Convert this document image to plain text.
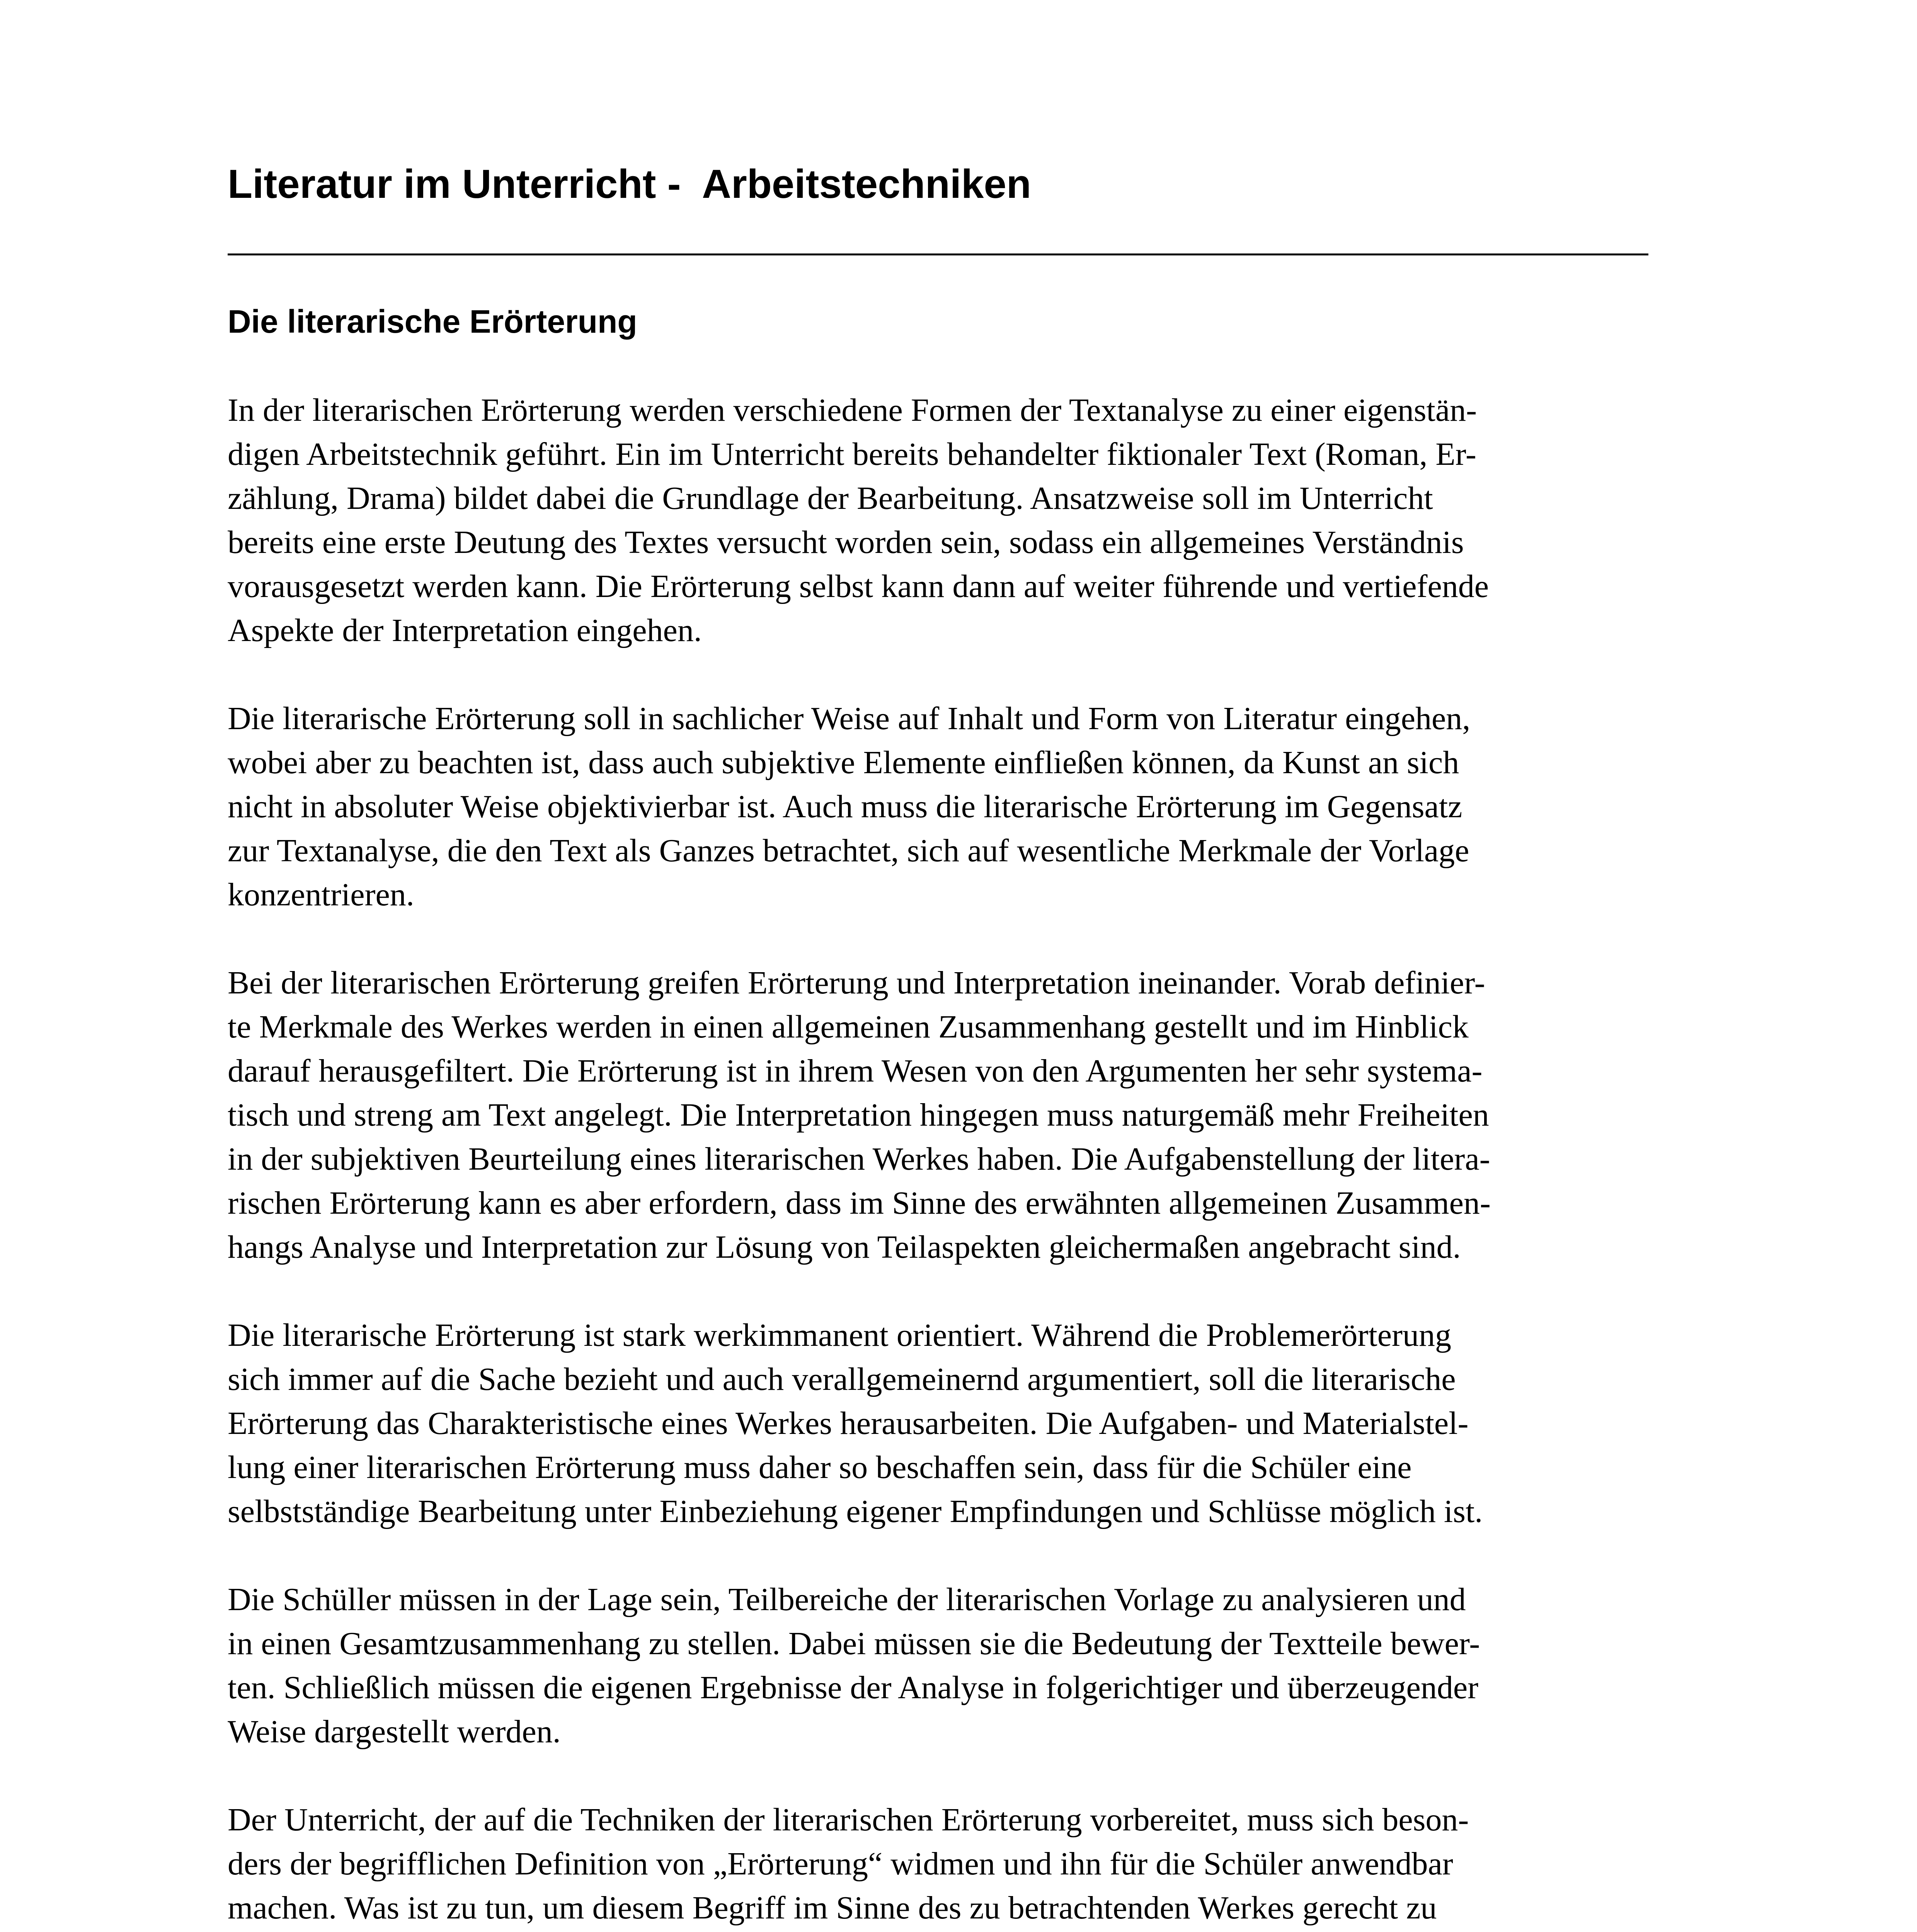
Literatur im Unterricht -  Arbeitstechniken
Die literarische Erörterung

In der literarischen Erörterung werden verschiedene Formen der Textanalyse zu einer eigenstän-
digen Arbeitstechnik geführt. Ein im Unterricht bereits behandelter fiktionaler Text (Roman, Er-
zählung, Drama) bildet dabei die Grundlage der Bearbeitung. Ansatzweise soll im Unterricht
bereits eine erste Deutung des Textes versucht worden sein, sodass ein allgemeines Verständnis
vorausgesetzt werden kann. Die Erörterung selbst kann dann auf weiter führende und vertiefende
Aspekte der Interpretation eingehen.

Die literarische Erörterung soll in sachlicher Weise auf Inhalt und Form von Literatur eingehen,
wobei aber zu beachten ist, dass auch subjektive Elemente einfließen können, da Kunst an sich
nicht in absoluter Weise objektivierbar ist. Auch muss die literarische Erörterung im Gegensatz
zur Textanalyse, die den Text als Ganzes betrachtet, sich auf wesentliche Merkmale der Vorlage
konzentrieren.

Bei der literarischen Erörterung greifen Erörterung und Interpretation ineinander. Vorab definier-
te Merkmale des Werkes werden in einen allgemeinen Zusammenhang gestellt und im Hinblick
darauf herausgefiltert. Die Erörterung ist in ihrem Wesen von den Argumenten her sehr systema-
tisch und streng am Text angelegt. Die Interpretation hingegen muss naturgemäß mehr Freiheiten
in der subjektiven Beurteilung eines literarischen Werkes haben. Die Aufgabenstellung der litera-
rischen Erörterung kann es aber erfordern, dass im Sinne des erwähnten allgemeinen Zusammen-
hangs Analyse und Interpretation zur Lösung von Teilaspekten gleichermaßen angebracht sind.

Die literarische Erörterung ist stark werkimmanent orientiert. Während die Problemerörterung
sich immer auf die Sache bezieht und auch verallgemeinernd argumentiert, soll die literarische
Erörterung das Charakteristische eines Werkes herausarbeiten. Die Aufgaben- und Materialstel-
lung einer literarischen Erörterung muss daher so beschaffen sein, dass für die Schüler eine
selbstständige Bearbeitung unter Einbeziehung eigener Empfindungen und Schlüsse möglich ist.

Die Schüller müssen in der Lage sein, Teilbereiche der literarischen Vorlage zu analysieren und
in einen Gesamtzusammenhang zu stellen. Dabei müssen sie die Bedeutung der Textteile bewer-
ten. Schließlich müssen die eigenen Ergebnisse der Analyse in folgerichtiger und überzeugender
Weise dargestellt werden.

Der Unterricht, der auf die Techniken der literarischen Erörterung vorbereitet, muss sich beson-
ders der begrifflichen Definition von „Erörterung“ widmen und ihn für die Schüler anwendbar
machen. Was ist zu tun, um diesem Begriff im Sinne des zu betrachtenden Werkes gerecht zu
